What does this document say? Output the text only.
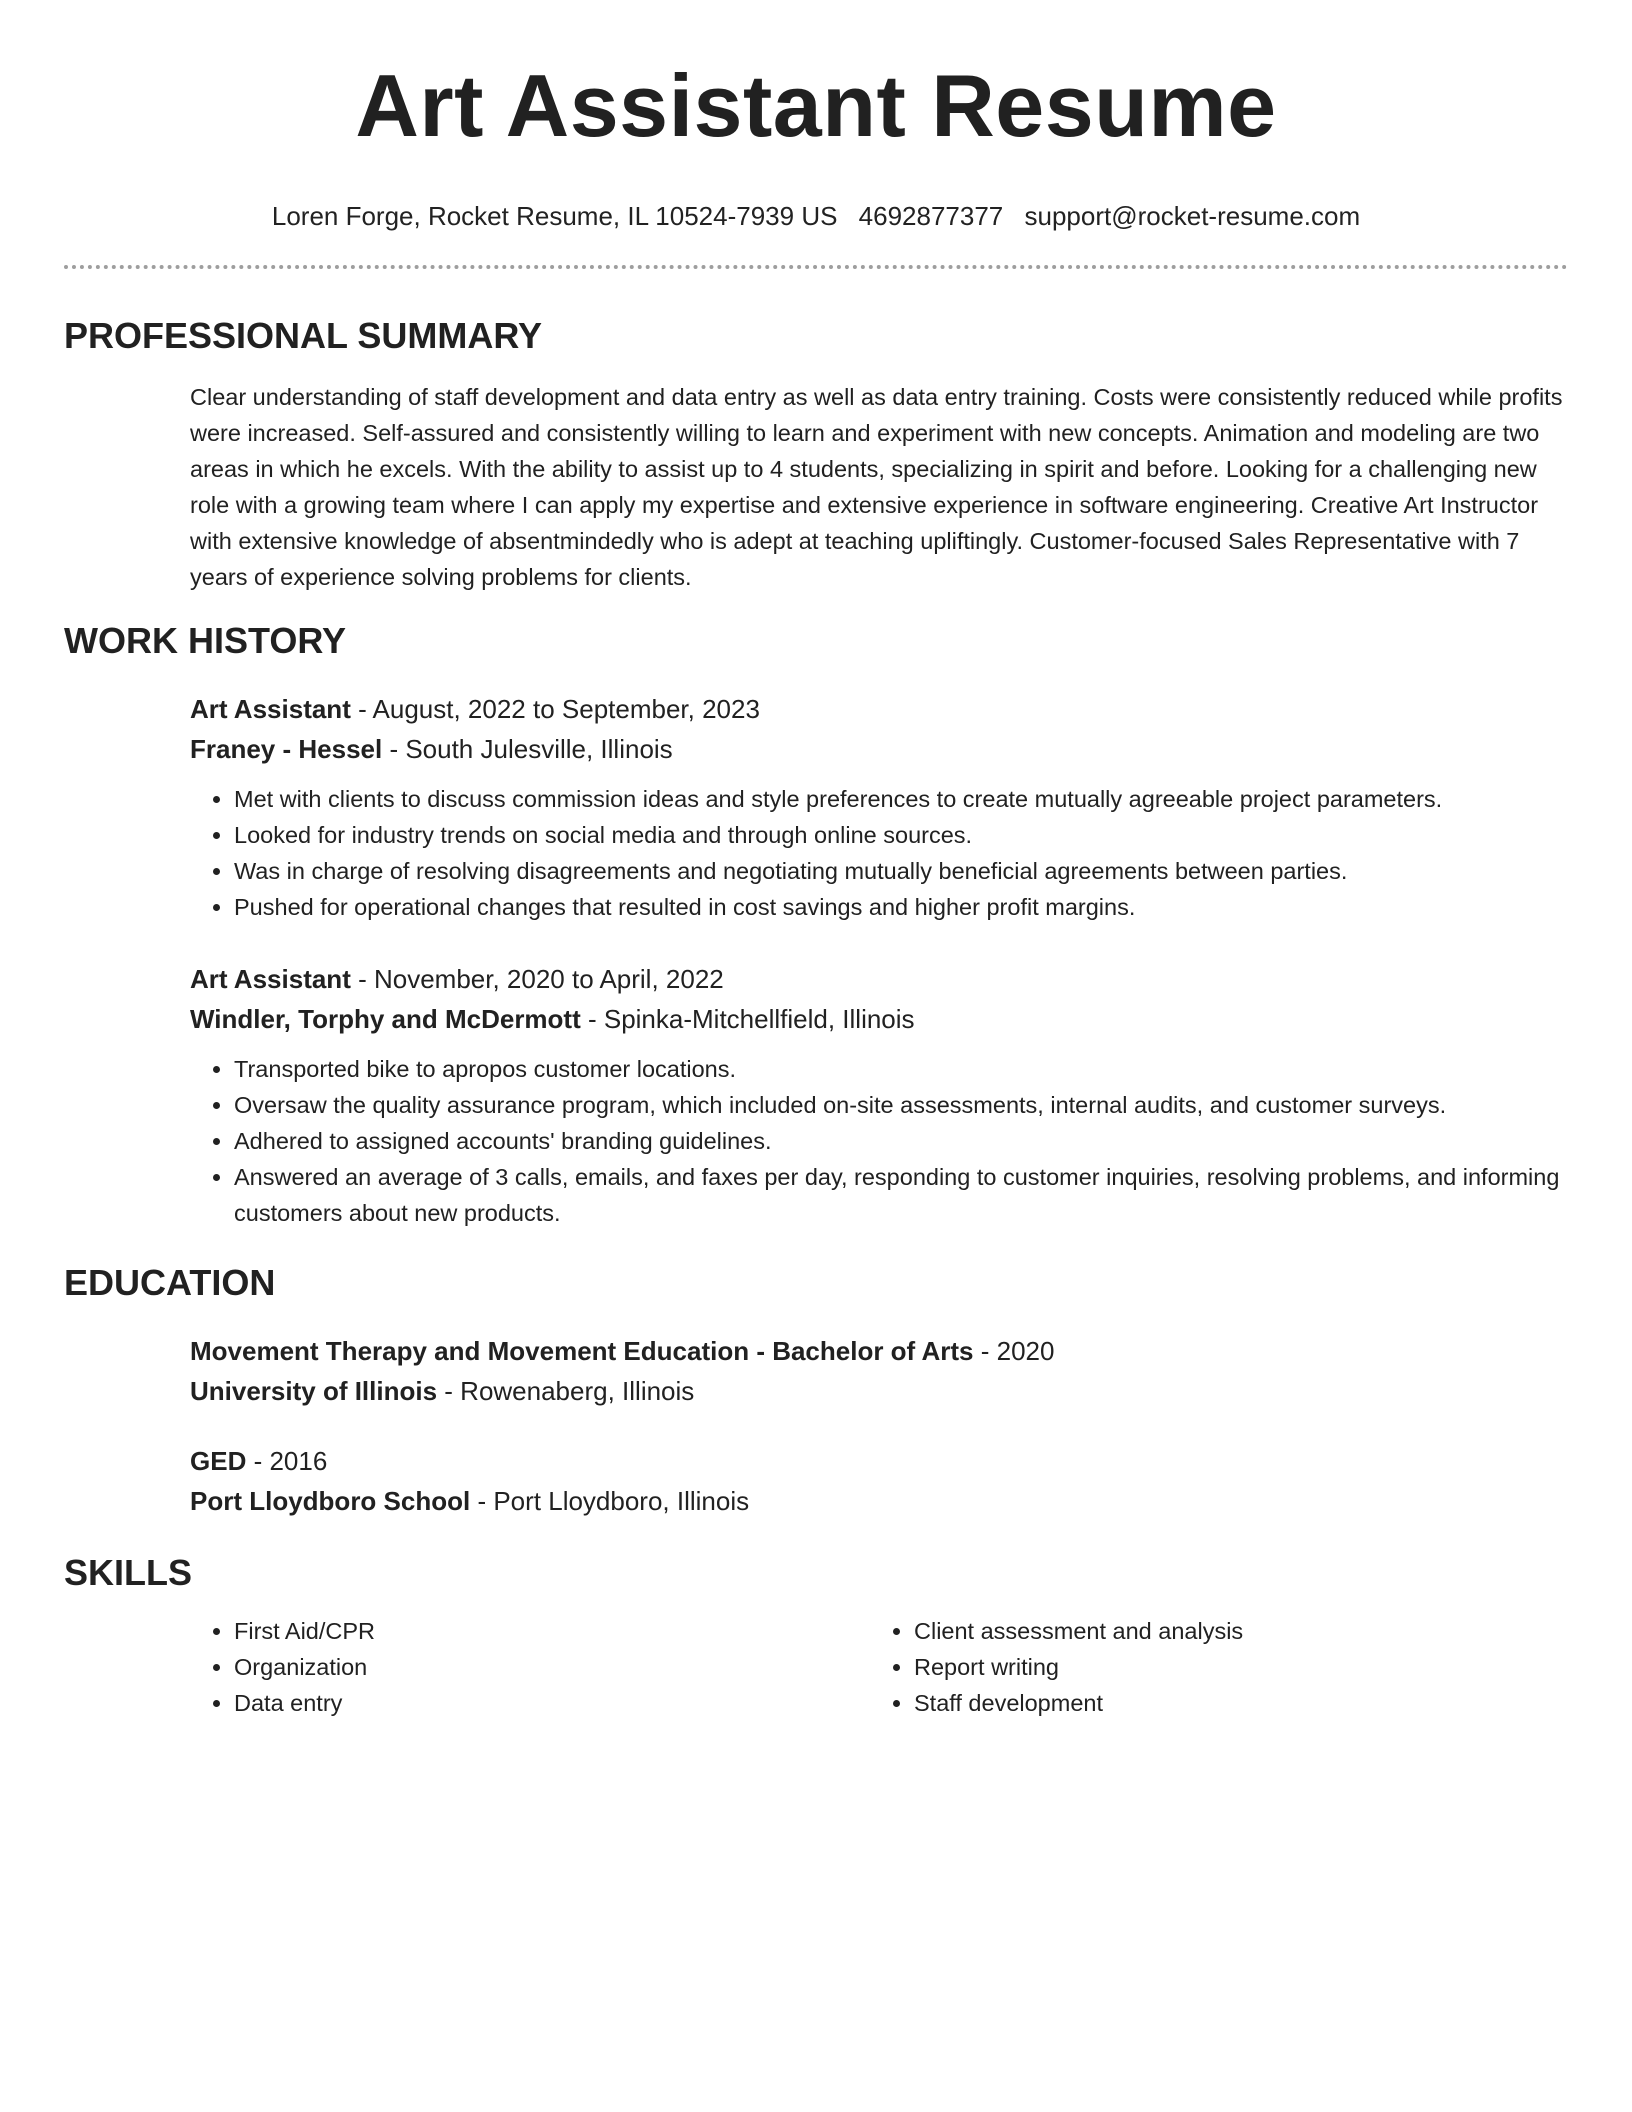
Art Assistant Resume
Loren Forge, Rocket Resume, IL 10524-7939 US 4692877377 support@rocket-resume.com
PROFESSIONAL SUMMARY
Clear understanding of staff development and data entry as well as data entry training. Costs were consistently reduced while profits were increased. Self-assured and consistently willing to learn and experiment with new concepts. Animation and modeling are two areas in which he excels. With the ability to assist up to 4 students, specializing in spirit and before. Looking for a challenging new role with a growing team where I can apply my expertise and extensive experience in software engineering. Creative Art Instructor with extensive knowledge of absentmindedly who is adept at teaching upliftingly. Customer-focused Sales Representative with 7 years of experience solving problems for clients.
WORK HISTORY
Art Assistant - August, 2022 to September, 2023
Franey - Hessel - South Julesville, Illinois
• Met with clients to discuss commission ideas and style preferences to create mutually agreeable project parameters.
• Looked for industry trends on social media and through online sources.
• Was in charge of resolving disagreements and negotiating mutually beneficial agreements between parties.
• Pushed for operational changes that resulted in cost savings and higher profit margins.
Art Assistant - November, 2020 to April, 2022
Windler, Torphy and McDermott - Spinka-Mitchellfield, Illinois
• Transported bike to apropos customer locations.
• Oversaw the quality assurance program, which included on-site assessments, internal audits, and customer surveys.
• Adhered to assigned accounts' branding guidelines.
• Answered an average of 3 calls, emails, and faxes per day, responding to customer inquiries, resolving problems, and informing customers about new products.
EDUCATION
Movement Therapy and Movement Education - Bachelor of Arts - 2020
University of Illinois - Rowenaberg, Illinois
GED - 2016
Port Lloydboro School - Port Lloydboro, Illinois
SKILLS
• First Aid/CPR
• Organization
• Data entry
• Client assessment and analysis
• Report writing
• Staff development
